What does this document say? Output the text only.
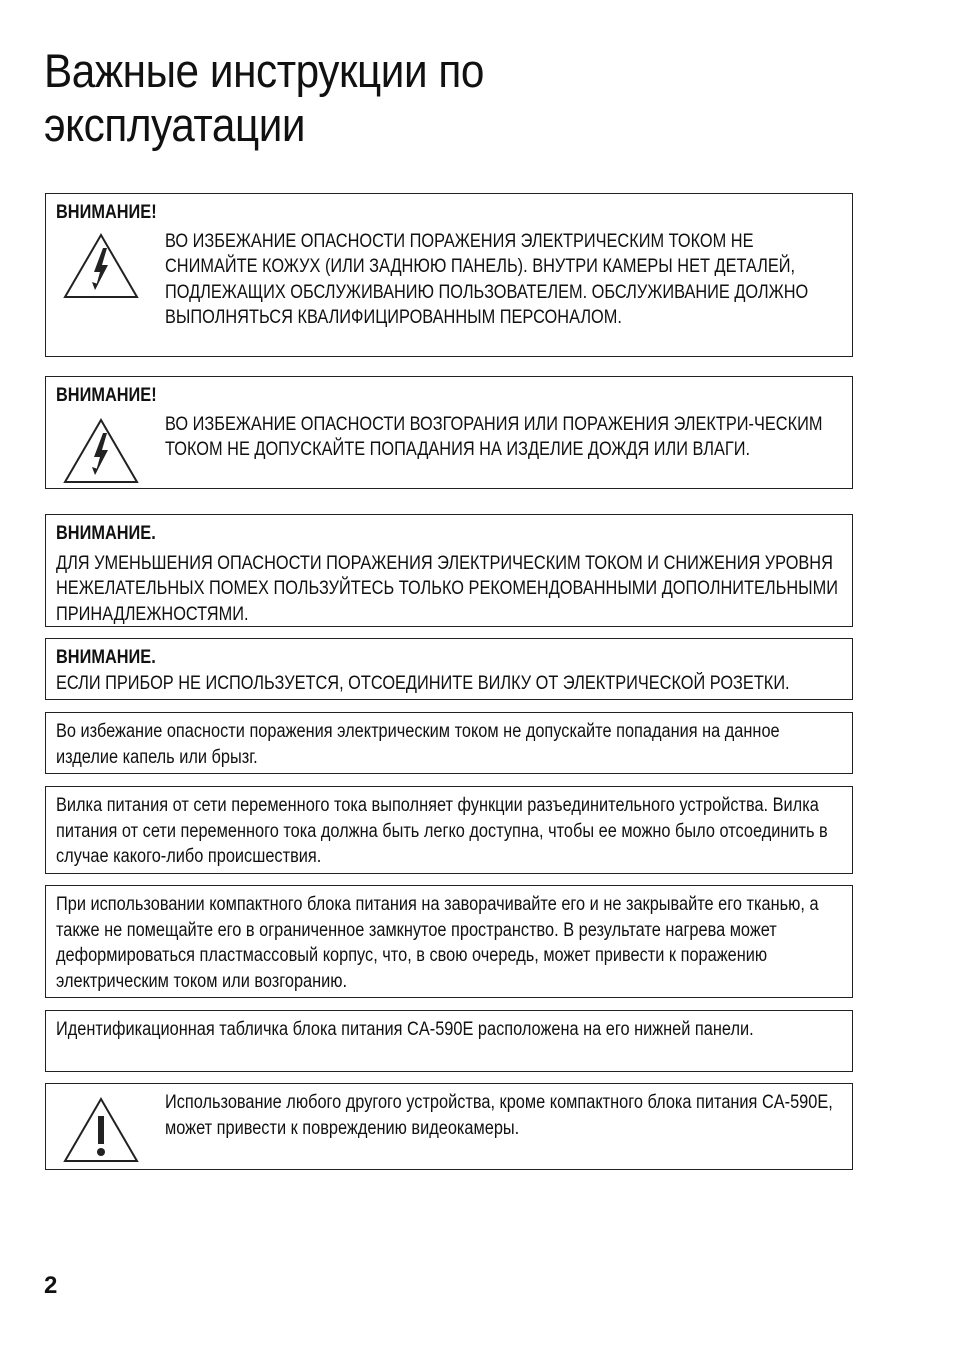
Важные инструкции по эксплуатации
ВНИМАНИЕ!
ВО ИЗБЕЖАНИЕ ОПАСНОСТИ ПОРАЖЕНИЯ ЭЛЕКТРИЧЕСКИМ ТОКОМ НЕ СНИМАЙТЕ КОЖУХ (ИЛИ ЗАДНЮЮ ПАНЕЛЬ). ВНУТРИ КАМЕРЫ НЕТ ДЕТАЛЕЙ, ПОДЛЕЖАЩИХ ОБСЛУЖИВАНИЮ ПОЛЬЗОВАТЕЛЕМ. ОБСЛУЖИВАНИЕ ДОЛЖНО ВЫПОЛНЯТЬСЯ КВАЛИФИЦИРОВАННЫМ ПЕРСОНАЛОМ.
ВНИМАНИЕ!
ВО ИЗБЕЖАНИЕ ОПАСНОСТИ ВОЗГОРАНИЯ ИЛИ ПОРАЖЕНИЯ ЭЛЕКТРИ-ЧЕСКИМ ТОКОМ НЕ ДОПУСКАЙТЕ ПОПАДАНИЯ НА ИЗДЕЛИЕ ДОЖДЯ ИЛИ ВЛАГИ.
ВНИМАНИЕ.
ДЛЯ УМЕНЬШЕНИЯ ОПАСНОСТИ ПОРАЖЕНИЯ ЭЛЕКТРИЧЕСКИМ ТОКОМ И СНИЖЕНИЯ УРОВНЯ НЕЖЕЛАТЕЛЬНЫХ ПОМЕХ ПОЛЬЗУЙТЕСЬ ТОЛЬКО РЕКОМЕНДОВАННЫМИ ДОПОЛНИТЕЛЬНЫМИ ПРИНАДЛЕЖНОСТЯМИ.
ВНИМАНИЕ.
ЕСЛИ ПРИБОР НЕ ИСПОЛЬЗУЕТСЯ, ОТСОЕДИНИТЕ ВИЛКУ ОТ ЭЛЕКТРИЧЕСКОЙ РОЗЕТКИ.
Во избежание опасности поражения электрическим током не допускайте попадания на данное изделие капель или брызг.
Вилка питания от сети переменного тока выполняет функции разъединительного устройства. Вилка питания от сети переменного тока должна быть легко доступна, чтобы ее можно было отсоединить в случае какого-либо происшествия.
При использовании компактного блока питания на заворачивайте его и не закрывайте его тканью, а также не помещайте его в ограниченное замкнутое пространство. В результате нагрева может деформироваться пластмассовый корпус, что, в свою очередь, может привести к поражению электрическим током или возгоранию.
Идентификационная табличка блока питания CA-590E расположена на его нижней панели.
Использование любого другого устройства, кроме компактного блока питания CA-590E, может привести к повреждению видеокамеры.
2
